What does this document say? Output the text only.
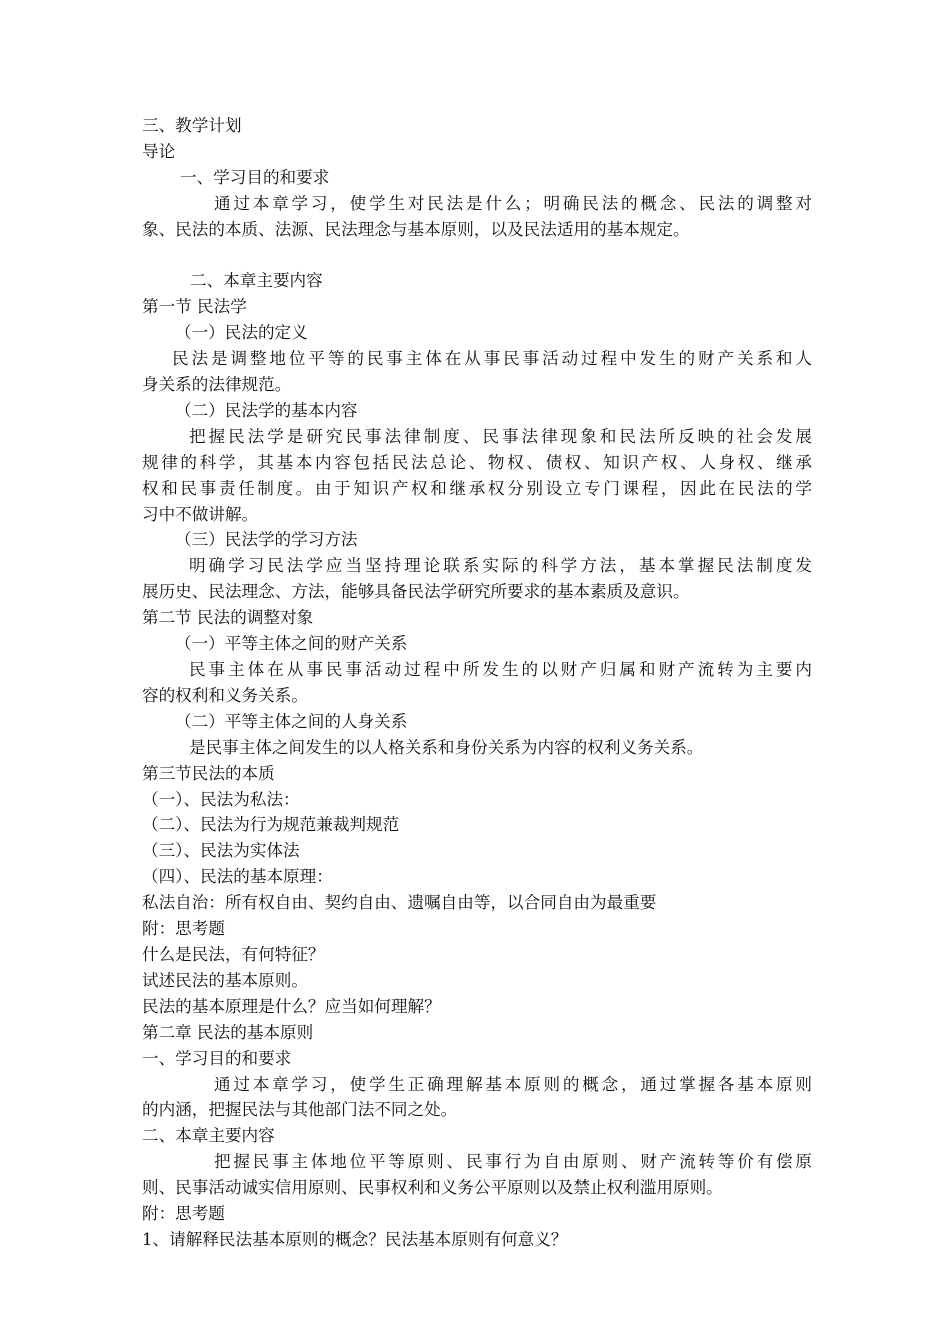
三、教学计划
导论
一、学习目的和要求
通过本章学习，使学生对民法是什么；明确民法的概念、民法的调整对
象、民法的本质、法源、民法理念与基本原则，以及民法适用的基本规定。
二、本章主要内容
第一节 民法学
（一）民法的定义
民法是调整地位平等的民事主体在从事民事活动过程中发生的财产关系和人
身关系的法律规范。
（二）民法学的基本内容
把握民法学是研究民事法律制度、民事法律现象和民法所反映的社会发展
规律的科学，其基本内容包括民法总论、物权、债权、知识产权、人身权、继承
权和民事责任制度。由于知识产权和继承权分别设立专门课程，因此在民法的学
习中不做讲解。
（三）民法学的学习方法
明确学习民法学应当坚持理论联系实际的科学方法，基本掌握民法制度发
展历史、民法理念、方法，能够具备民法学研究所要求的基本素质及意识。
第二节 民法的调整对象
（一）平等主体之间的财产关系
民事主体在从事民事活动过程中所发生的以财产归属和财产流转为主要内
容的权利和义务关系。
（二）平等主体之间的人身关系
是民事主体之间发生的以人格关系和身份关系为内容的权利义务关系。
第三节民法的本质
（一）、民法为私法：
（二）、民法为行为规范兼裁判规范
（三）、民法为实体法
（四）、民法的基本原理：
私法自治：所有权自由、契约自由、遗嘱自由等，以合同自由为最重要
附：思考题
什么是民法，有何特征？
试述民法的基本原则。
民法的基本原理是什么？应当如何理解？
第二章 民法的基本原则
一、学习目的和要求
通过本章学习，使学生正确理解基本原则的概念，通过掌握各基本原则
的内涵，把握民法与其他部门法不同之处。
二、本章主要内容
把握民事主体地位平等原则、民事行为自由原则、财产流转等价有偿原
则、民事活动诚实信用原则、民事权利和义务公平原则以及禁止权利滥用原则。
附：思考题
1、请解释民法基本原则的概念？民法基本原则有何意义？
